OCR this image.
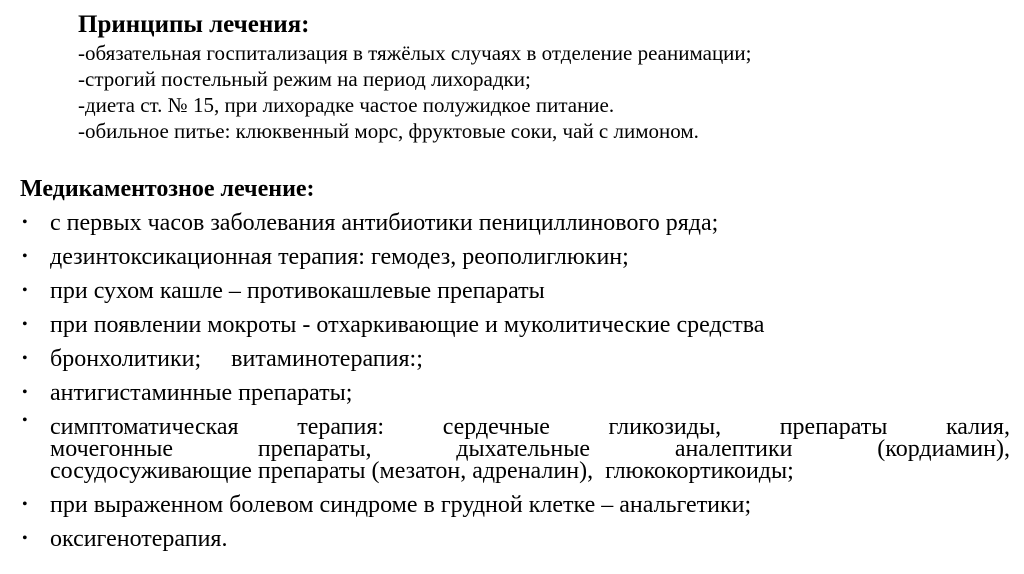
Принципы лечения:

-обязательная госпитализация в тяжёлых случаях в отделение реанимации;

-строгий постельный режим на период лихорадки;

-диета ст. № 15, при лихорадке частое полужидкое питание.

-обильное питье: клюквенный морс, фруктовые соки, чай с лимоном.

Медикаментозное лечение:

• с первых часов заболевания антибиотики пенициллинового ряда;
• дезинтоксикационная терапия: гемодез, реополиглюкин;
• при сухом кашле – противокашлевые препараты
• при появлении мокроты - отхаркивающие и муколитические средства
• бронхолитики;     витаминотерапия:;
• антигистаминные препараты;
• симптоматическая терапия: сердечные гликозиды, препараты калия,
мочегонные	препараты,	дыхательные	аналептики	(кордиамин),
сосудосуживающие препараты (мезатон, адреналин),  глюкокортикоиды;
• при выраженном болевом синдроме в грудной клетке – анальгетики;
• оксигенотерапия.
